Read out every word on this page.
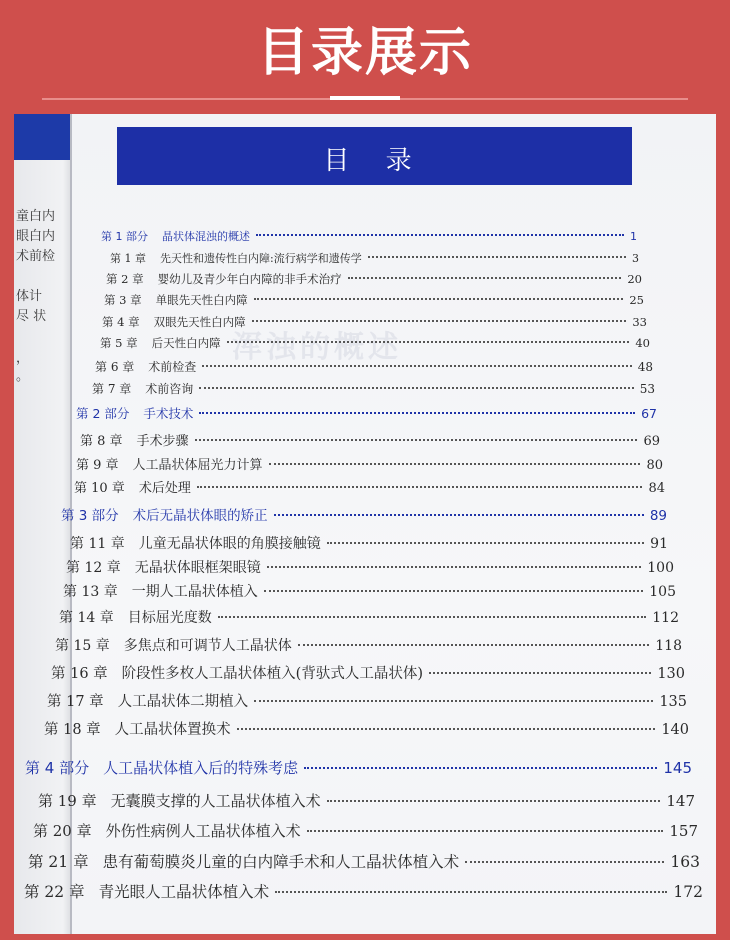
目录展示
童白内
眼白内
术前检
体计
尽 状
，
。
浑浊的概述
目 录
第 1 部分 晶状体混浊的概述	1
第 1 章 先天性和遗传性白内障:流行病学和遗传学	3
第 2 章 婴幼儿及青少年白内障的非手术治疗	20
第 3 章 单眼先天性白内障	25
第 4 章 双眼先天性白内障	33
第 5 章 后天性白内障	40
第 6 章 术前检查	48
第 7 章 术前咨询	53
第 2 部分 手术技术	67
第 8 章 手术步骤	69
第 9 章 人工晶状体屈光力计算	80
第 10 章 术后处理	84
第 3 部分 术后无晶状体眼的矫正	89
第 11 章 儿童无晶状体眼的角膜接触镜	91
第 12 章 无晶状体眼框架眼镜	100
第 13 章 一期人工晶状体植入	105
第 14 章 目标屈光度数	112
第 15 章 多焦点和可调节人工晶状体	118
第 16 章 阶段性多枚人工晶状体植入(背驮式人工晶状体)	130
第 17 章 人工晶状体二期植入	135
第 18 章 人工晶状体置换术	140
第 4 部分 人工晶状体植入后的特殊考虑	145
第 19 章 无囊膜支撑的人工晶状体植入术	147
第 20 章 外伤性病例人工晶状体植入术	157
第 21 章 患有葡萄膜炎儿童的白内障手术和人工晶状体植入术	163
第 22 章 青光眼人工晶状体植入术	172
